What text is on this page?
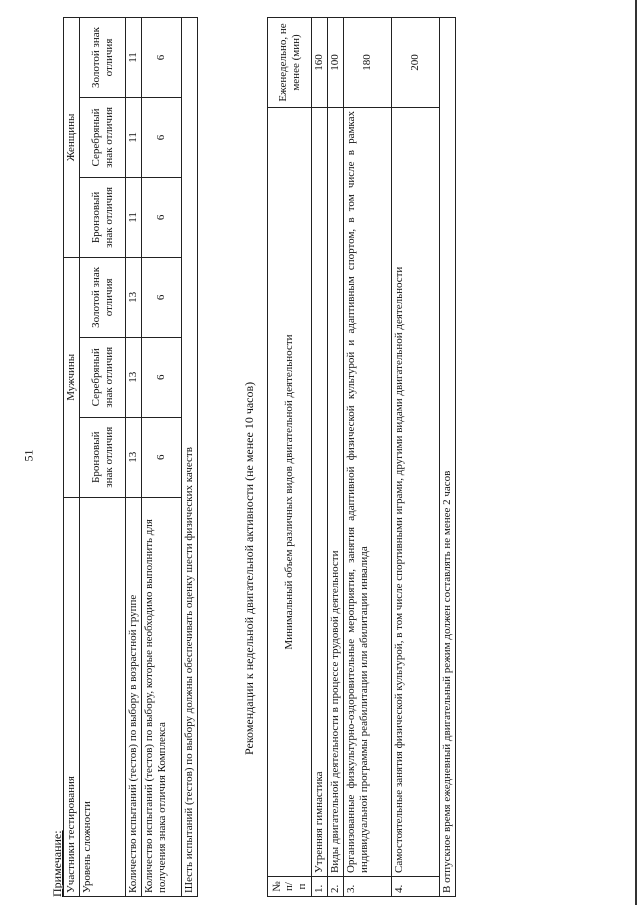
51
Примечание: Участники тестирования	Мужчины			Женщины		
Уровень сложности	Бронзовый знак отличия	Серебряный знак отличия	Золотой знак отличия	Бронзовый знак отличия	Серебряный знак отличия	Золотой знак отличия
Количество испытаний (тестов) по выбору в возрастной группе	13	13	13	11	11	11
Количество испытаний (тестов) по выбору, которые необходимо выполнить для получения знака отличия Комплекса	6	6	6	6	6	6
Шесть испытаний (тестов) по выбору должны обеспечивать оценку шести физических качеств							Рекомендации к недельной двигательной активности (не менее 10 часов)
№ п/п	Минимальный объем различных видов двигательной деятельности	Еженедельно, не менее (мин)
1.	Утренняя гимнастика	160
2.	Виды двигательной деятельности в процессе трудовой деятельности	100
3.	Организованные физкультурно-оздоровительные мероприятия, занятия адаптивной физической культурой и адаптивным спортом, в том числе в рамках индивидуальной программы реабилитации или абилитации инвалида	180
4.	Самостоятельные занятия физической культурой, в том числе спортивными играми, другими видами двигательной деятельности	200
В отпускное время ежедневный двигательный режим должен составлять не менее 2 часов		
